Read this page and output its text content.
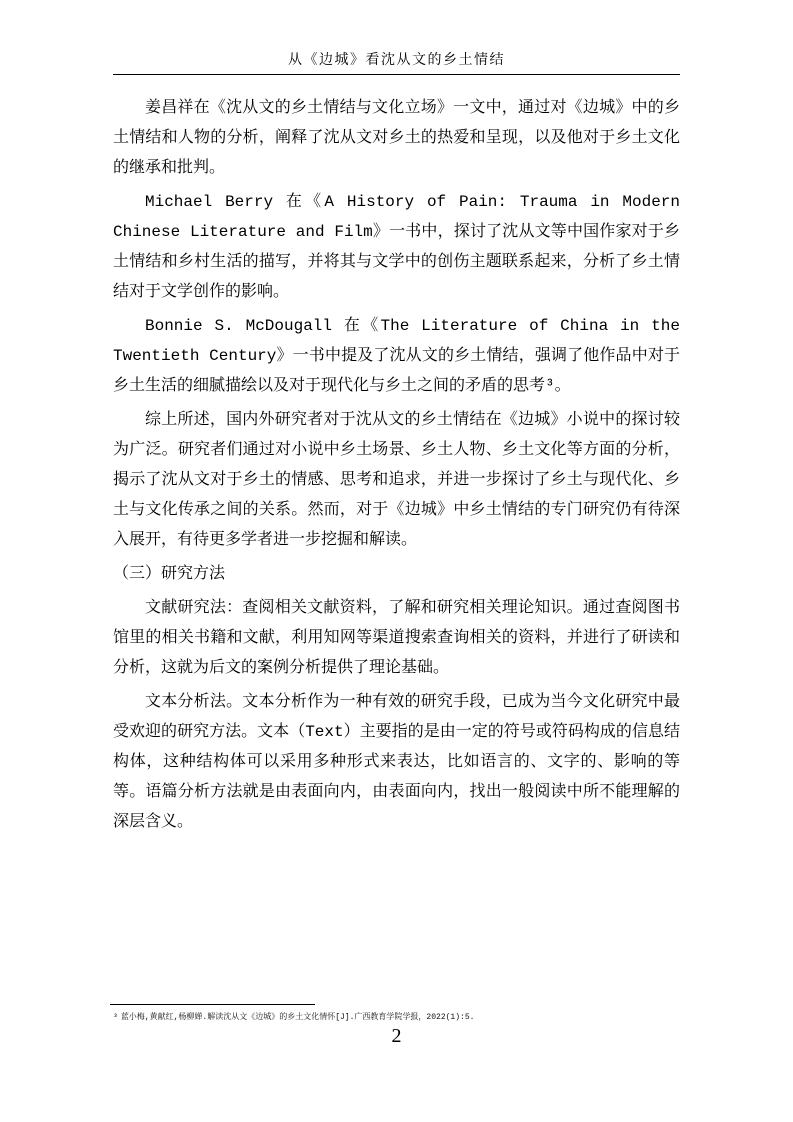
从《边城》看沈从文的乡土情结

姜昌祥在《沈从文的乡土情结与文化立场》一文中，通过对《边城》中的乡土情结和人物的分析，阐释了沈从文对乡土的热爱和呈现，以及他对于乡土文化的继承和批判。

Michael Berry 在《A History of Pain: Trauma in Modern Chinese Literature and Film》一书中，探讨了沈从文等中国作家对于乡土情结和乡村生活的描写，并将其与文学中的创伤主题联系起来，分析了乡土情结对于文学创作的影响。

Bonnie S. McDougall 在《The Literature of China in the Twentieth Century》一书中提及了沈从文的乡土情结，强调了他作品中对于乡土生活的细腻描绘以及对于现代化与乡土之间的矛盾的思考³。

综上所述，国内外研究者对于沈从文的乡土情结在《边城》小说中的探讨较为广泛。研究者们通过对小说中乡土场景、乡土人物、乡土文化等方面的分析，揭示了沈从文对于乡土的情感、思考和追求，并进一步探讨了乡土与现代化、乡土与文化传承之间的关系。然而，对于《边城》中乡土情结的专门研究仍有待深入展开，有待更多学者进一步挖掘和解读。

（三）研究方法

文献研究法：查阅相关文献资料，了解和研究相关理论知识。通过查阅图书馆里的相关书籍和文献，利用知网等渠道搜索查询相关的资料，并进行了研读和分析，这就为后文的案例分析提供了理论基础。

文本分析法。文本分析作为一种有效的研究手段，已成为当今文化研究中最受欢迎的研究方法。文本（Text）主要指的是由一定的符号或符码构成的信息结构体，这种结构体可以采用多种形式来表达，比如语言的、文字的、影响的等等。语篇分析方法就是由表面向内，由表面向内，找出一般阅读中所不能理解的深层含义。

³ 蓝小梅,黄献红,杨柳婵.解读沈从文《边城》的乡土文化情怀[J].广西教育学院学报，2022(1):5.
2
